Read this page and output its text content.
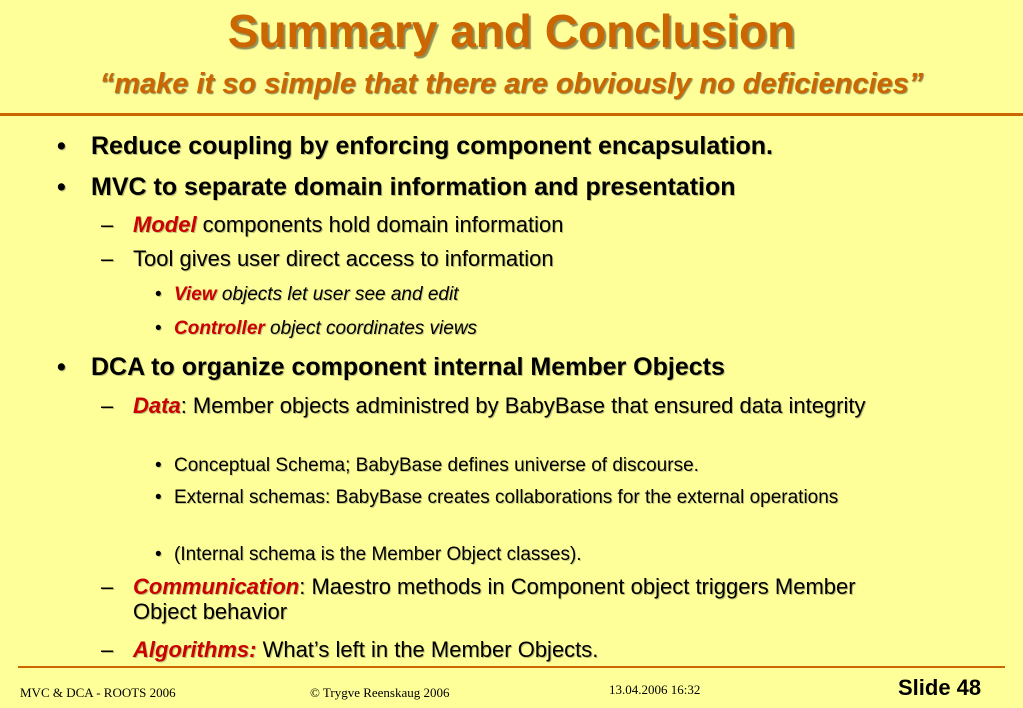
Summary and Conclusion
“make it so simple that there are obviously no deficiencies”
• Reduce coupling by enforcing component encapsulation.
• MVC to separate domain information and presentation
– Model components hold domain information
– Tool gives user direct access to information
• View objects let user see and edit
• Controller object coordinates views
• DCA to organize component internal Member Objects
– Data: Member objects administred by BabyBase that ensured data integrity
• Conceptual Schema; BabyBase defines universe of discourse.
• External schemas: BabyBase creates collaborations for the external operations
• (Internal schema is the Member Object classes).
– Communication: Maestro methods in Component object triggers Member Object behavior
– Algorithms: What’s left in the Member Objects.
MVC & DCA - ROOTS 2006	© Trygve Reenskaug 2006	13.04.2006 16:32	Slide 48
